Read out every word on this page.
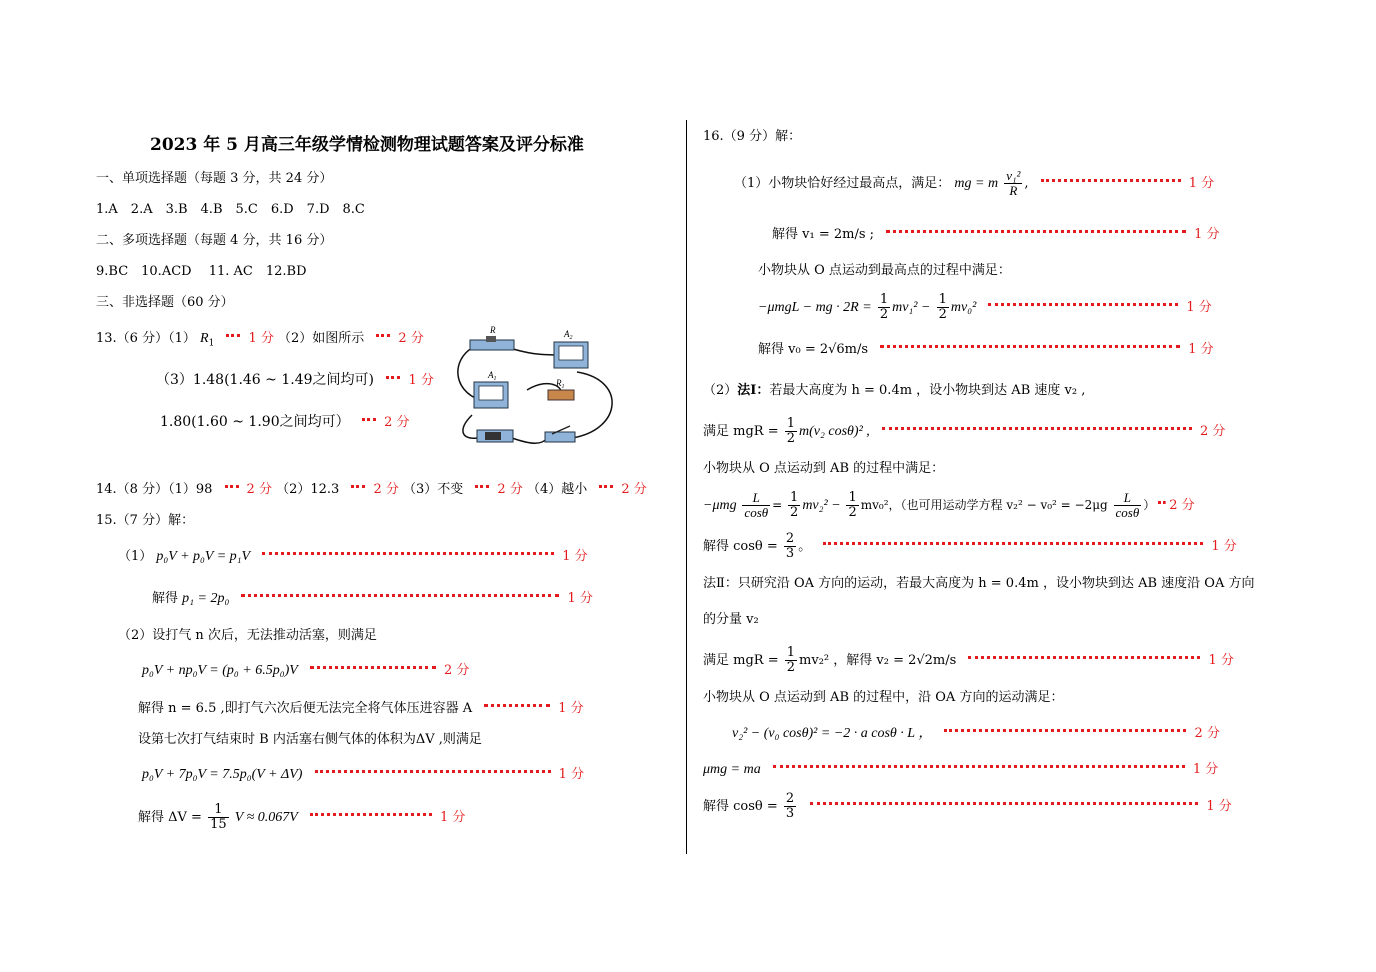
2023 年 5 月高三年级学情检测物理试题答案及评分标准
一、单项选择题（每题 3 分，共 24 分）
1.A　2.A　3.B　4.B　5.C　6.D　7.D　8.C
二、多项选择题（每题 4 分，共 16 分）
9.BC　10.ACD　 11. AC　12.BD
三、非选择题（60 分）
13.（6 分）（1） $R_1$	1 分 （2）如图所示	2 分
（3）1.48(1.46 ~ 1.49之间均可)	1 分
1.80(1.60 ~ 1.90之间均可）	2 分
R	$A_2$
$A_1$	$R_1$
14.（8 分）（1）98	2 分 （2）12.3	2 分 （3）不变	2 分 （4）越小	2 分
15.（7 分）解：
（1） p₀V + p₀V = p₁V	1 分
解得 p₁ = 2p₀	1 分
（2）设打气 n 次后，无法推动活塞，则满足
p₀V + np₀V = (p₀ + 6.5p₀)V	2 分
解得 n = 6.5 ,即打气六次后便无法完全将气体压进容器 A	1 分
设第七次打气结束时 B 内活塞右侧气体的体积为ΔV ,则满足
p₀V + 7p₀V = 7.5p₀(V + ΔV)	1 分
解得 $\Delta V = \frac{1}{15}$ V ≈ 0.067V	1 分
16.（9 分）解：
（1）小物块恰好经过最高点，满足： mg = m $\frac{\text{v₁²}}{R}$ ,	1 分
解得 v₁ = 2m/s ;	1 分
小物块从 O 点运动到最高点的过程中满足：
−μmgL − mg · $2R = \frac{1}{2} mv_1^2 - \frac{1}{2} mv_0^2$	1 分
解得 v₀ = 2√6m/s	1 分
（2）法Ⅰ：若最大高度为 h = 0.4m ，设小物块到达 AB 速度 v₂ ,
满足 mgR = $\frac{1}{2} m(v_2$ cosθ)² ,	2 分
小物块从 O 点运动到 AB 的过程中满足：
$-\mu mg \frac{L}{\cos\theta} = \frac{1}{2} mv_2^2 - \frac{1}{2} mv_0^2$，（也可用运动学方程 $v_2^2 - v_0^2 = -2\mu g \frac{L}{\cos\theta}$ ） 2 分
解得 $\cos\theta = \frac{2}{3}$ 。	1 分
法Ⅱ：只研究沿 OA 方向的运动，若最大高度为 h = 0.4m ，设小物块到达 AB 速度沿 OA 方向
的分量 v₂
满足 mgR = $\frac{1}{2} mv_2^2$ ，解得 v₂ = 2√2m/s	1 分
小物块从 O 点运动到 AB 的过程中，沿 OA 方向的运动满足：
v₂² − (v₀ cosθ)² = −2 · a cosθ · L ，	2 分
μmg = ma	1 分
解得 $\cos\theta = \frac{2}{3}$	1 分
